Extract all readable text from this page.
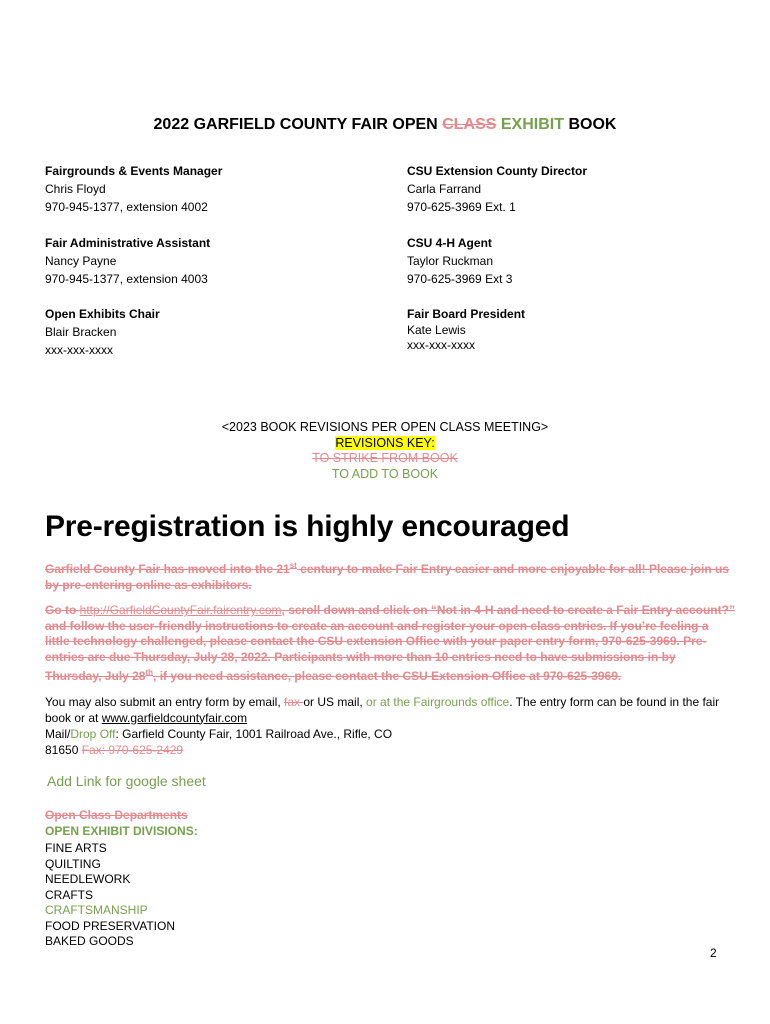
2022 GARFIELD COUNTY FAIR OPEN CLASS EXHIBIT BOOK
Fairgrounds & Events Manager
Chris Floyd
970-945-1377, extension 4002
Fair Administrative Assistant
Nancy Payne
970-945-1377, extension 4003
Open Exhibits Chair
Blair Bracken
xxx-xxx-xxxx
CSU Extension County Director
Carla Farrand
970-625-3969 Ext. 1
CSU 4-H Agent
Taylor Ruckman
970-625-3969 Ext 3
Fair Board President
Kate Lewis
xxx-xxx-xxxx
<2023 BOOK REVISIONS PER OPEN CLASS MEETING>
REVISIONS KEY:
TO STRIKE FROM BOOK
TO ADD TO BOOK
Pre-registration is highly encouraged
Garfield County Fair has moved into the 21st century to make Fair Entry easier and more enjoyable for all! Please join us by pre-entering online as exhibitors.
Go to http://GarfieldCountyFair.fairentry.com, scroll down and click on “Not in 4-H and need to create a Fair Entry account?” and follow the user-friendly instructions to create an account and register your open class entries. If you’re feeling a little technology challenged, please contact the CSU extension Office with your paper entry form, 970-625-3969. Pre-entries are due Thursday, July 28, 2022. Participants with more than 10 entries need to have submissions in by Thursday, July 28th, if you need assistance, please contact the CSU Extension Office at 970-625-3969.
You may also submit an entry form by email, fax or US mail, or at the Fairgrounds office. The entry form can be found in the fair book or at www.garfieldcountyfair.com
Mail/Drop Off: Garfield County Fair, 1001 Railroad Ave., Rifle, CO
81650 Fax: 970-625-2429
Add Link for google sheet
Open Class Departments
OPEN EXHIBIT DIVISIONS:
FINE ARTS
QUILTING
NEEDLEWORK
CRAFTS
CRAFTSMANSHIP
FOOD PRESERVATION
BAKED GOODS
2
